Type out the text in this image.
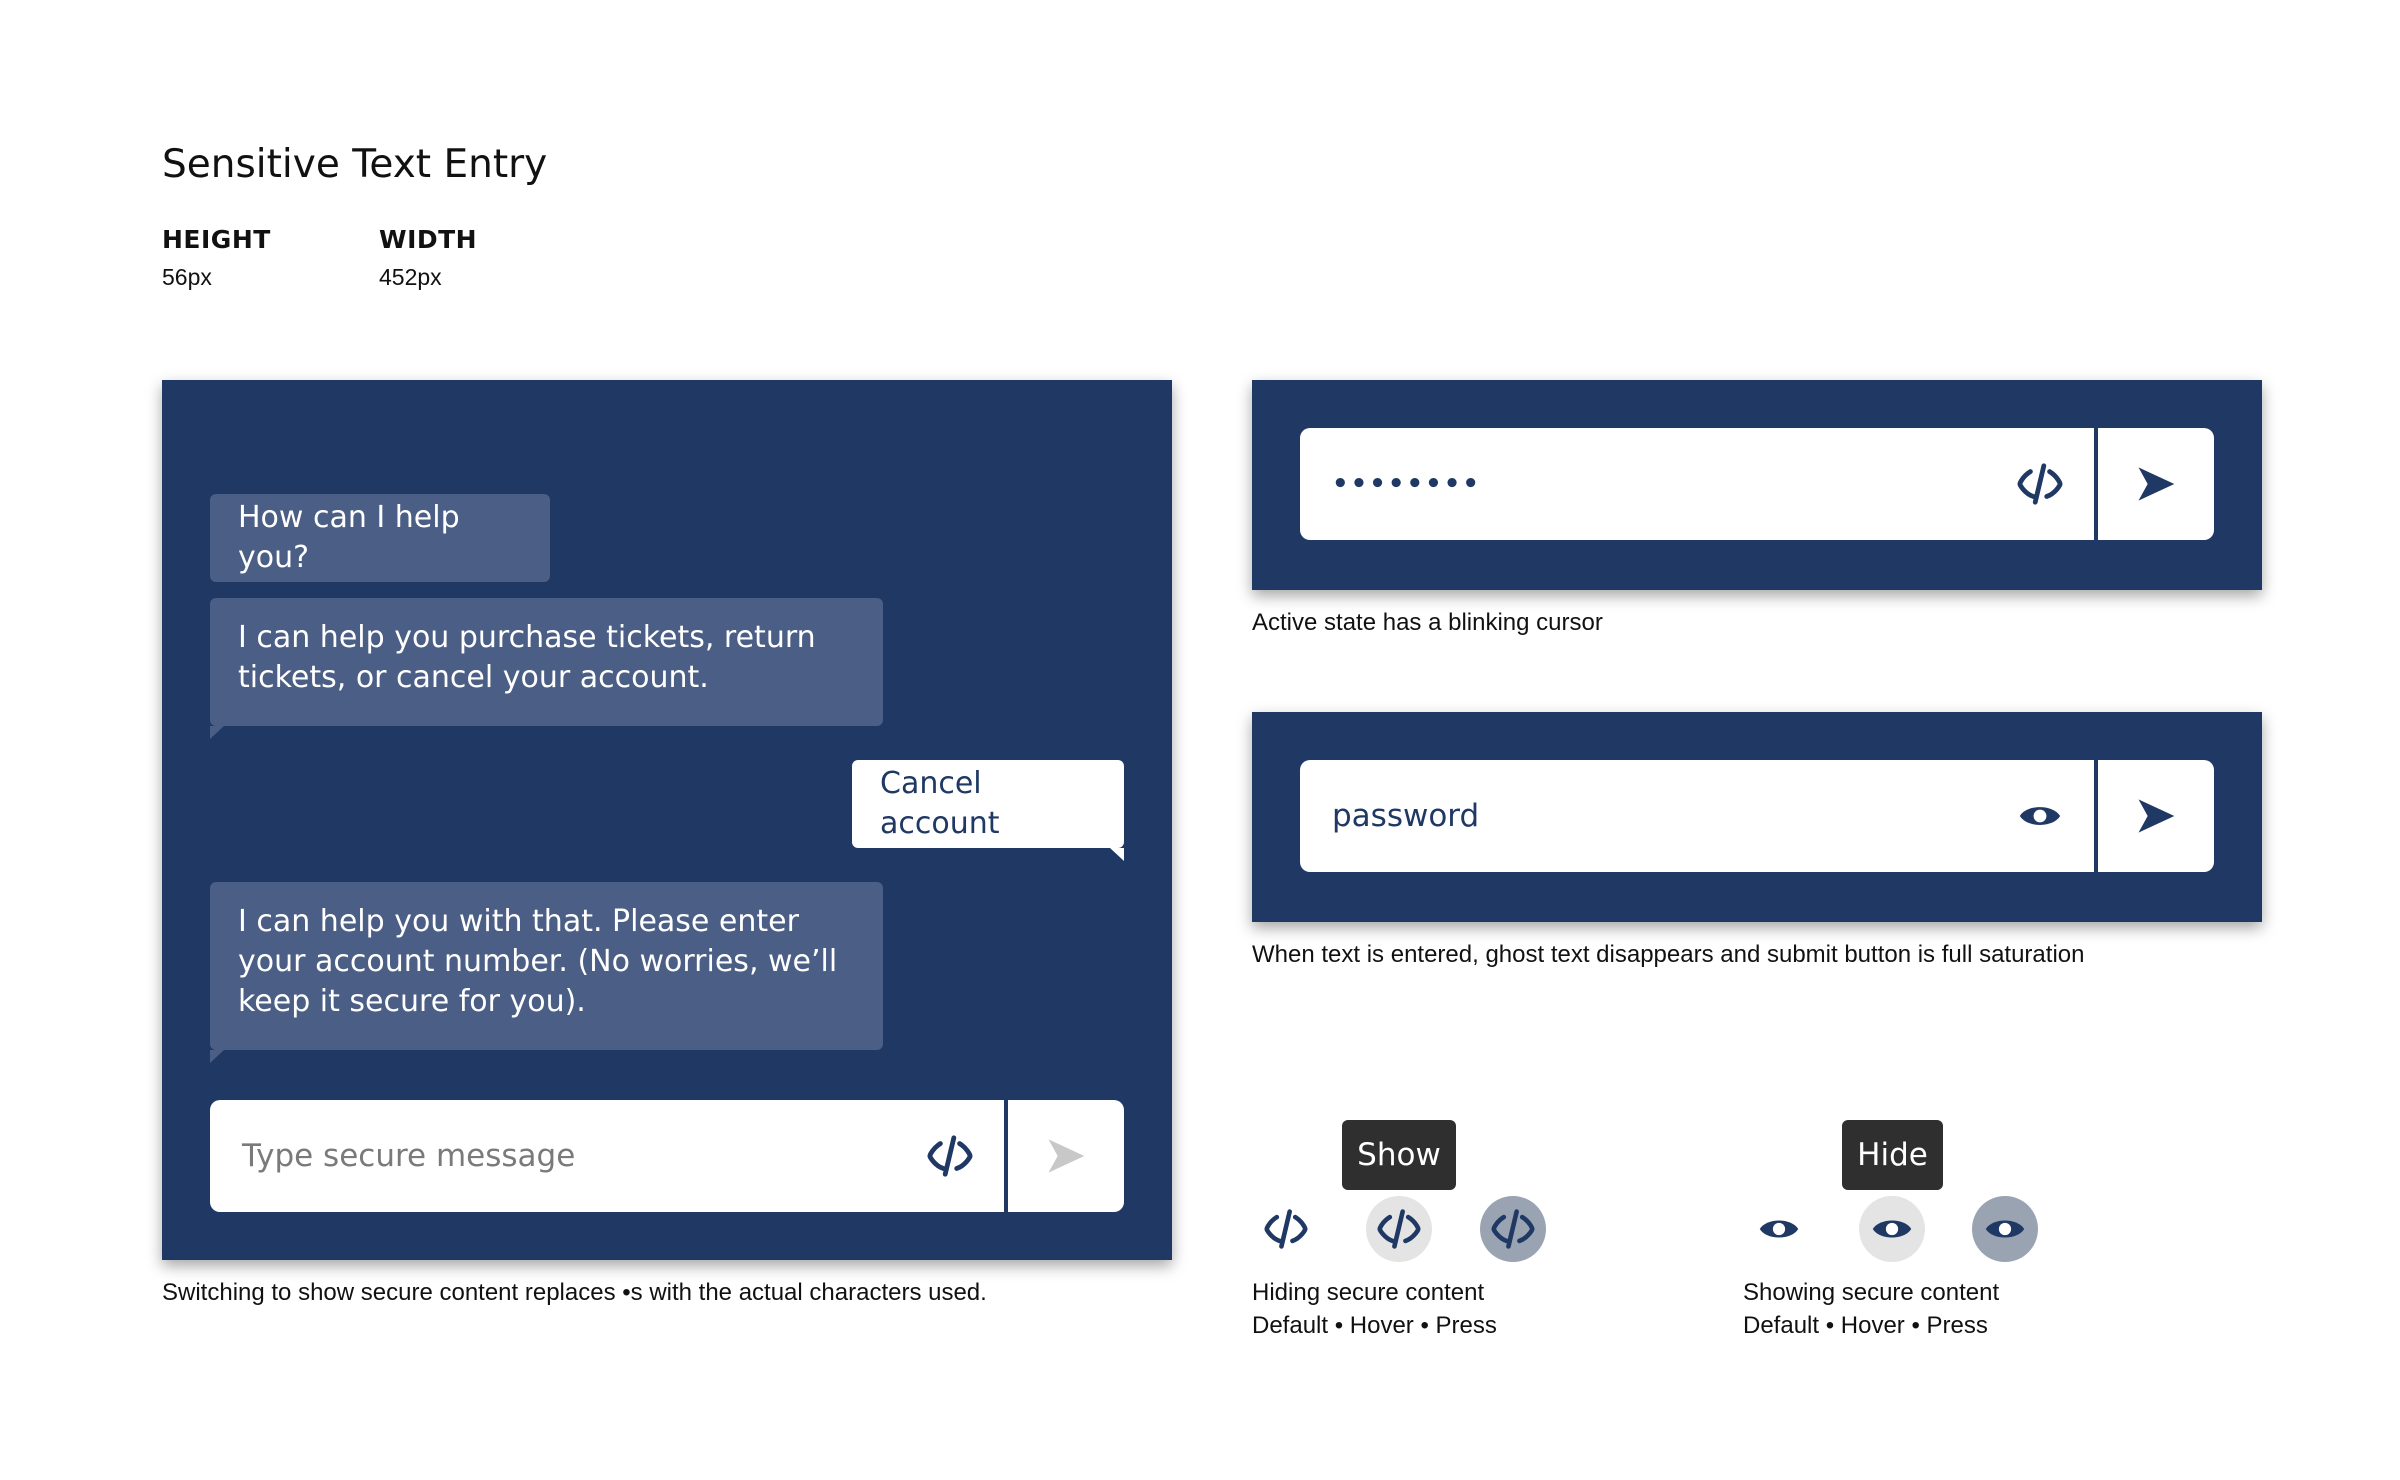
Sensitive Text Entry
HEIGHT
56px
WIDTH
452px
How can I help you?
I can help you purchase tickets, return tickets, or cancel your account.
Cancel account
I can help you with that. Please enter your account number. (No worries, we’ll keep it secure for you).
Type secure message
Switching to show secure content replaces •s with the actual characters used.
••••••••
Active state has a blinking cursor
password
When text is entered, ghost text disappears and submit button is full saturation
Show
Hiding secure content
Default • Hover • Press
Hide
Showing secure content
Default • Hover • Press
